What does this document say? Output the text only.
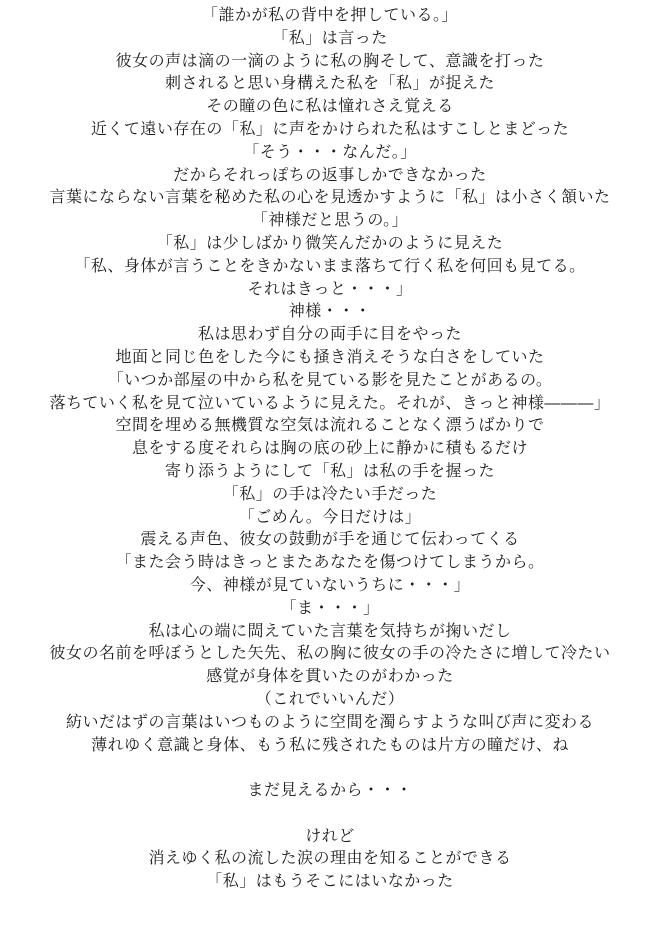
「誰かが私の背中を押している。」
「私」は言った
彼女の声は滴の一滴のように私の胸そして、意識を打った
刺されると思い身構えた私を「私」が捉えた
その瞳の色に私は憧れさえ覚える
近くて遠い存在の「私」に声をかけられた私はすこしとまどった
「そう・・・なんだ。」
だからそれっぽちの返事しかできなかった
言葉にならない言葉を秘めた私の心を見透かすように「私」は小さく頷いた
「神様だと思うの。」
「私」は少しばかり微笑んだかのように見えた
「私、身体が言うことをきかないまま落ちて行く私を何回も見てる。
それはきっと・・・」
神様・・・
私は思わず自分の両手に目をやった
地面と同じ色をした今にも掻き消えそうな白さをしていた
「いつか部屋の中から私を見ている影を見たことがあるの。
落ちていく私を見て泣いているように見えた。それが、きっと神様―――」
空間を埋める無機質な空気は流れることなく漂うばかりで
息をする度それらは胸の底の砂上に静かに積もるだけ
寄り添うようにして「私」は私の手を握った
「私」の手は冷たい手だった
「ごめん。今日だけは」
震える声色、彼女の鼓動が手を通じて伝わってくる
「また会う時はきっとまたあなたを傷つけてしまうから。
今、神様が見ていないうちに・・・」
「ま・・・」
私は心の端に閊えていた言葉を気持ちが掬いだし
彼女の名前を呼ぼうとした矢先、私の胸に彼女の手の冷たさに増して冷たい
感覚が身体を貫いたのがわかった
（これでいいんだ）
紡いだはずの言葉はいつものように空間を濁らすような叫び声に変わる
薄れゆく意識と身体、もう私に残されたものは片方の瞳だけ、ね
まだ見えるから・・・
けれど
消えゆく私の流した涙の理由を知ることができる
「私」はもうそこにはいなかった
